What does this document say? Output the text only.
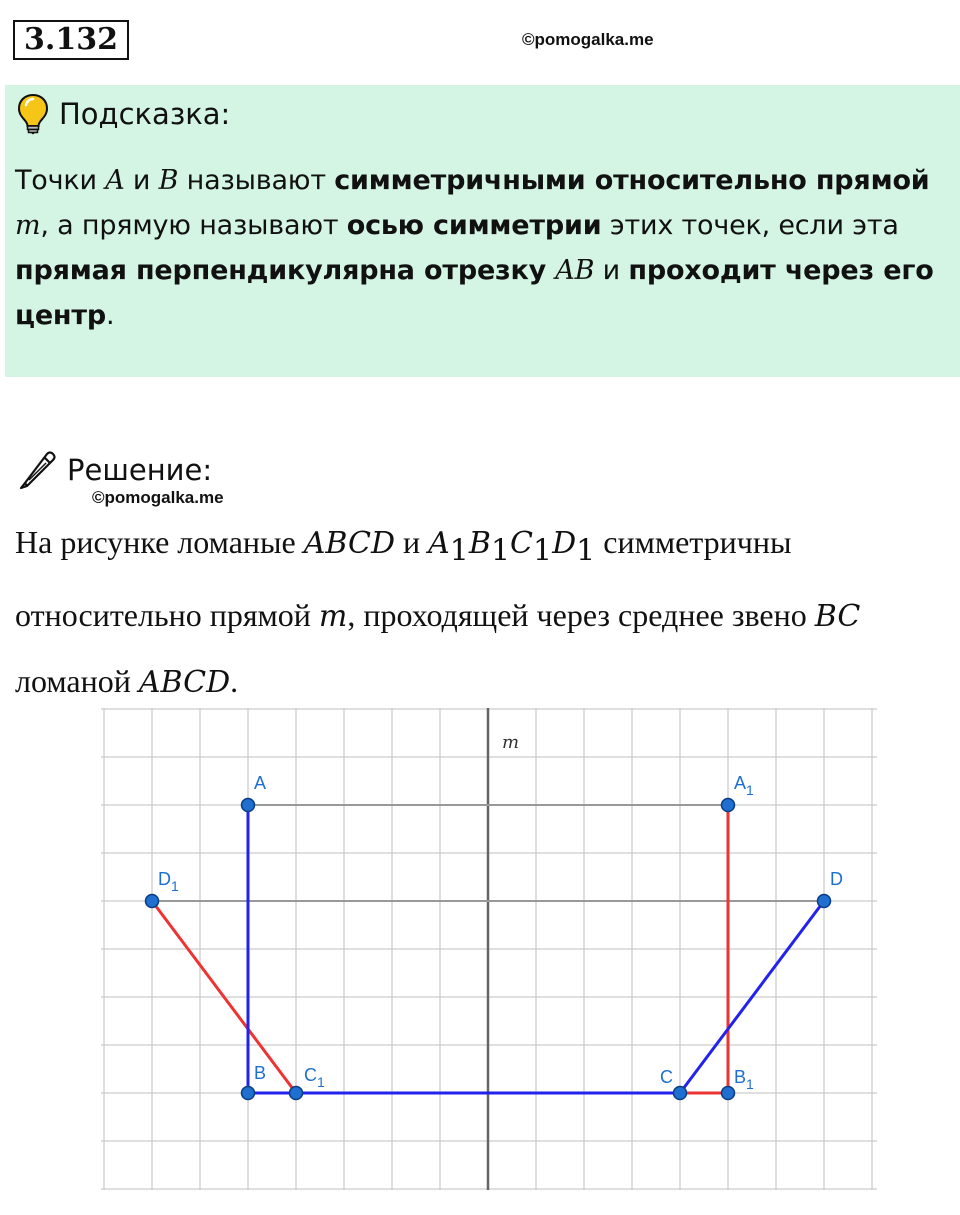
3.132	©pomogalka.me
Подсказка:
Точки A и B называют симметричными относительно прямой m, а прямую называют осью симметрии этих точек, если эта прямая перпендикулярна отрезку AB и проходит через его центр.
Решение:
©pomogalka.me
На рисунке ломаные ABCD и $A_1B_1C_1D_1$ симметричны относительно прямой m, проходящей через среднее звено BC ломаной ABCD.
m
A
B	C
D
$A_1$
$B_1$
$C_1$
$D_1$
